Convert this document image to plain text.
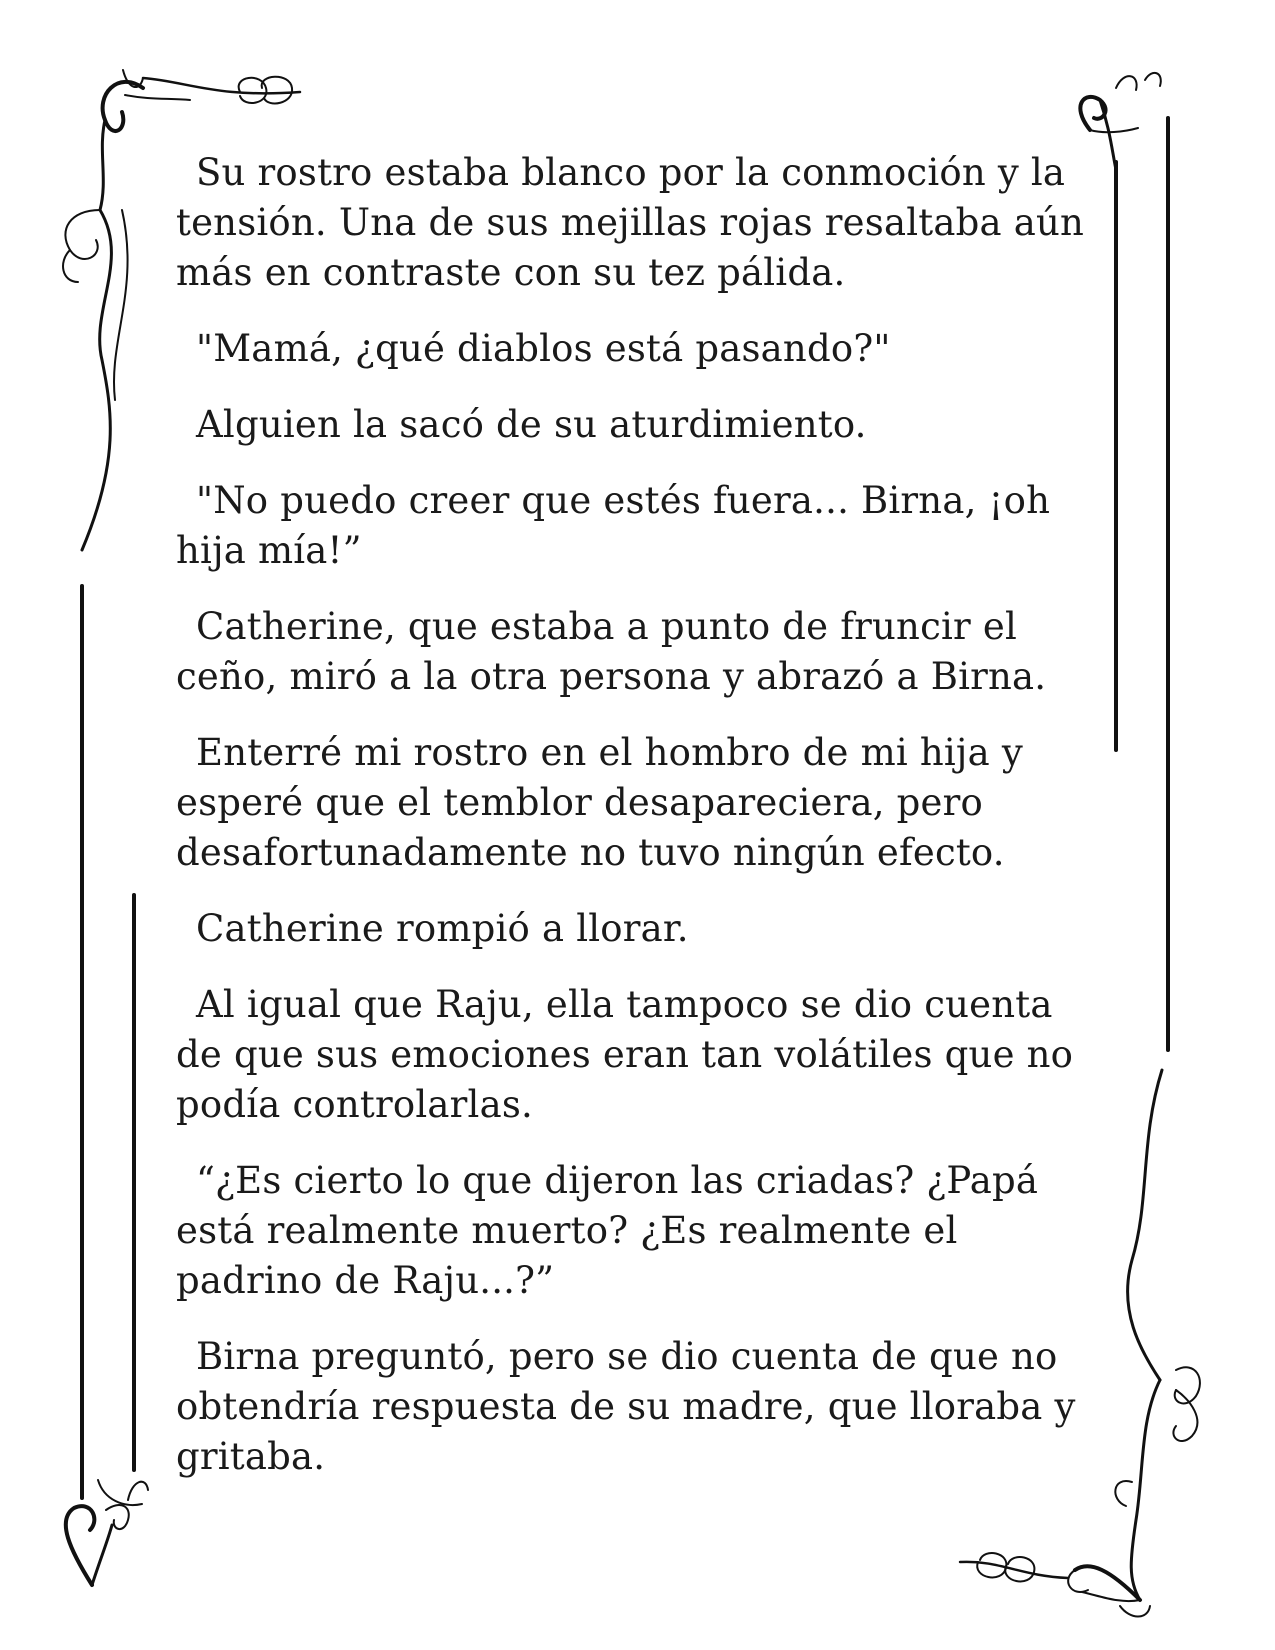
Su rostro estaba blanco por la conmoción y la tensión. Una de sus mejillas rojas resaltaba aún más en contraste con su tez pálida.

"Mamá, ¿qué diablos está pasando?"

Alguien la sacó de su aturdimiento.

"No puedo creer que estés fuera... Birna, ¡oh hija mía!”

Catherine, que estaba a punto de fruncir el ceño, miró a la otra persona y abrazó a Birna.

Enterré mi rostro en el hombro de mi hija y esperé que el temblor desapareciera, pero desafortunadamente no tuvo ningún efecto.

Catherine rompió a llorar.

Al igual que Raju, ella tampoco se dio cuenta de que sus emociones eran tan volátiles que no podía controlarlas.

“¿Es cierto lo que dijeron las criadas? ¿Papá está realmente muerto? ¿Es realmente el padrino de Raju...?”

Birna preguntó, pero se dio cuenta de que no obtendría respuesta de su madre, que lloraba y gritaba.
